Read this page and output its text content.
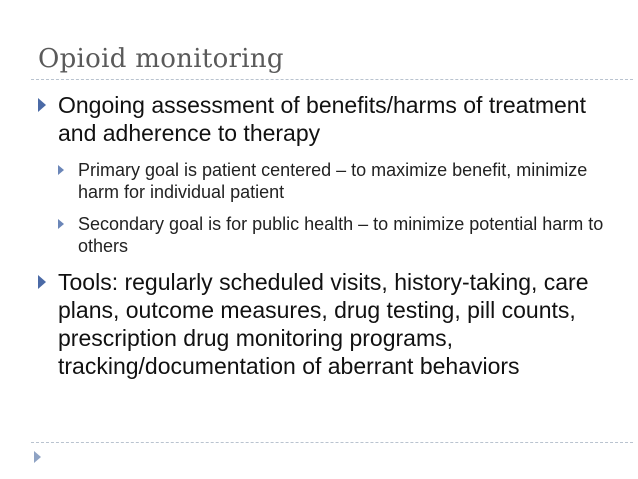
Opioid monitoring
Ongoing assessment of benefits/harms of treatment and adherence to therapy
Primary goal is patient centered – to maximize benefit, minimize harm for individual patient
Secondary goal is for public health – to minimize potential harm to others
Tools: regularly scheduled visits, history-taking, care plans, outcome measures, drug testing, pill counts, prescription drug monitoring programs, tracking/documentation of aberrant behaviors
